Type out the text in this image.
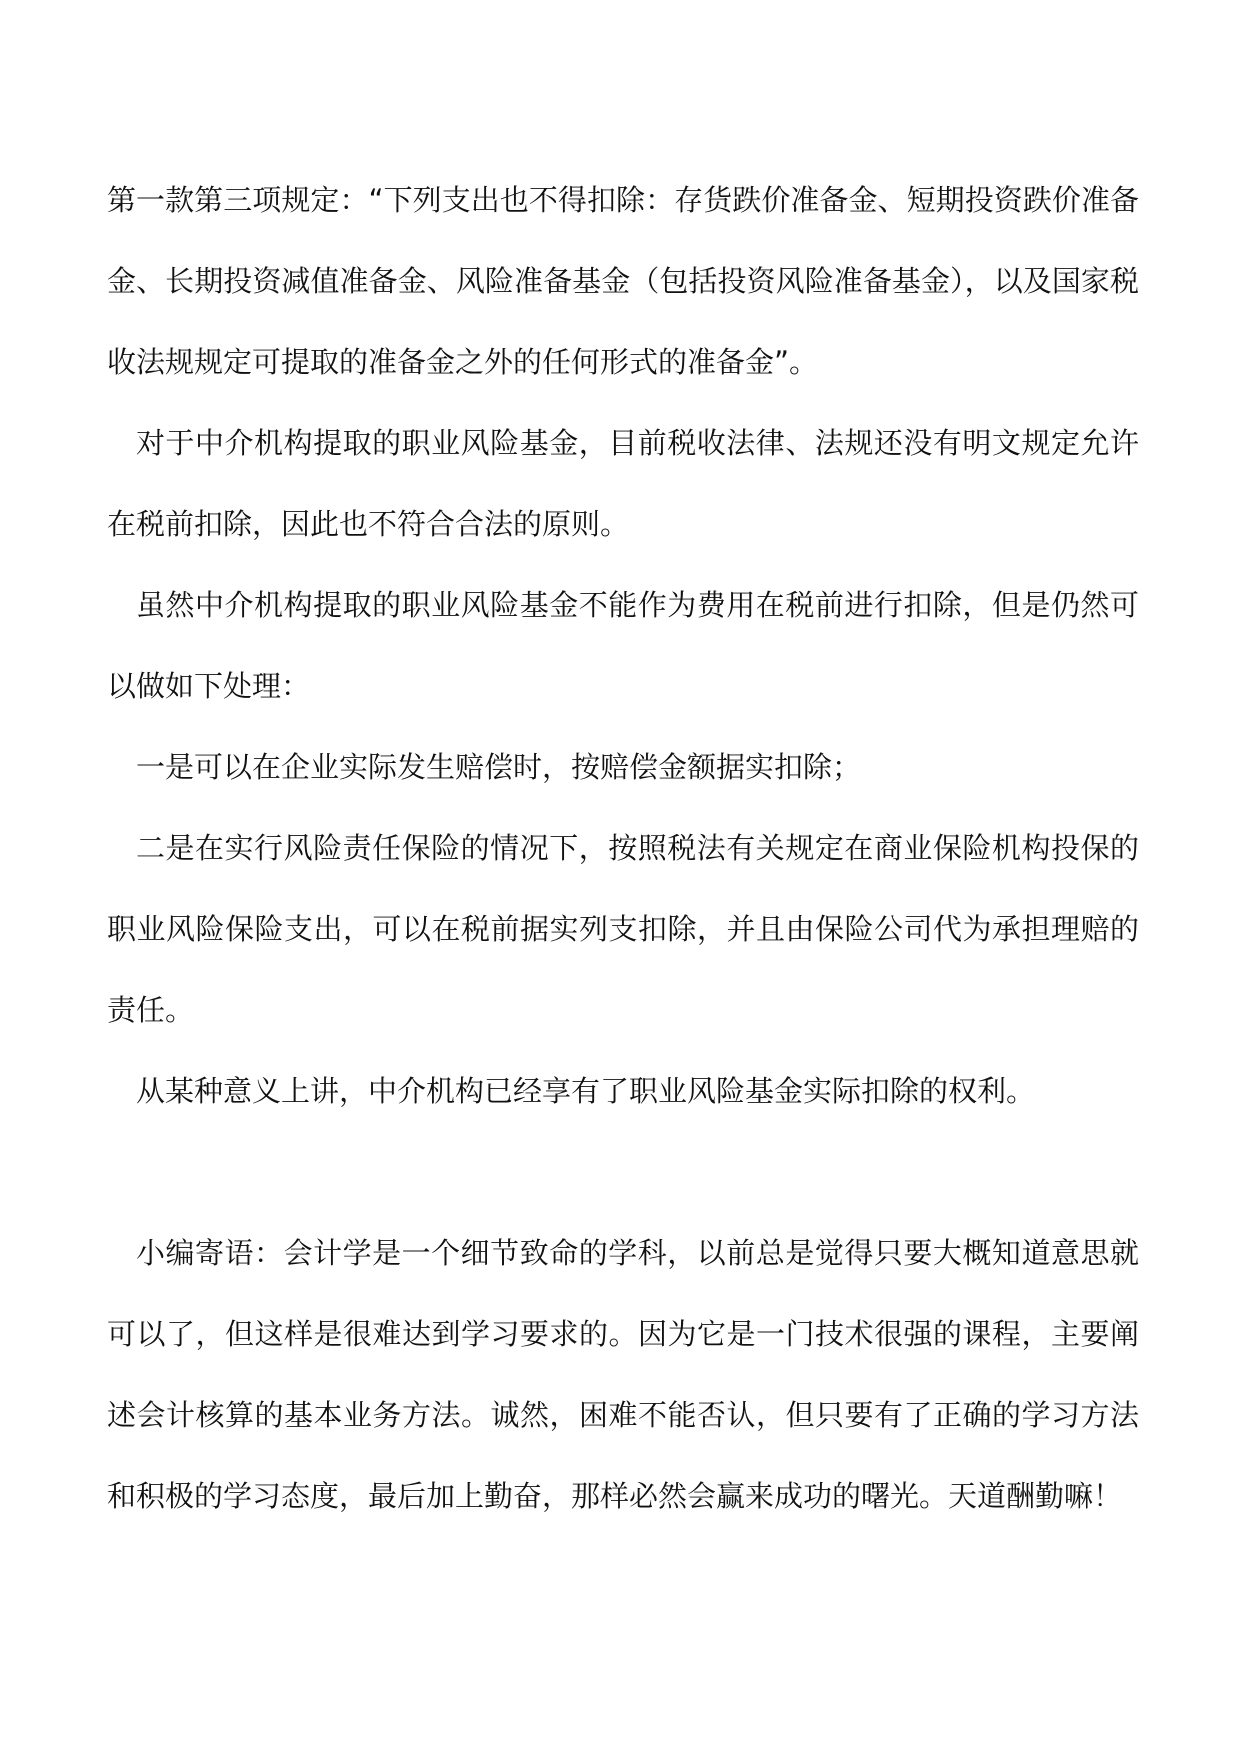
第一款第三项规定：“下列支出也不得扣除：存货跌价准备金、短期投资跌价准备金、长期投资减值准备金、风险准备基金（包括投资风险准备基金），以及国家税收法规规定可提取的准备金之外的任何形式的准备金”。

对于中介机构提取的职业风险基金，目前税收法律、法规还没有明文规定允许在税前扣除，因此也不符合合法的原则。

虽然中介机构提取的职业风险基金不能作为费用在税前进行扣除，但是仍然可以做如下处理：

一是可以在企业实际发生赔偿时，按赔偿金额据实扣除；

二是在实行风险责任保险的情况下，按照税法有关规定在商业保险机构投保的职业风险保险支出，可以在税前据实列支扣除，并且由保险公司代为承担理赔的责任。

从某种意义上讲，中介机构已经享有了职业风险基金实际扣除的权利。

小编寄语：会计学是一个细节致命的学科，以前总是觉得只要大概知道意思就可以了，但这样是很难达到学习要求的。因为它是一门技术很强的课程，主要阐述会计核算的基本业务方法。诚然，困难不能否认，但只要有了正确的学习方法和积极的学习态度，最后加上勤奋，那样必然会赢来成功的曙光。天道酬勤嘛！
